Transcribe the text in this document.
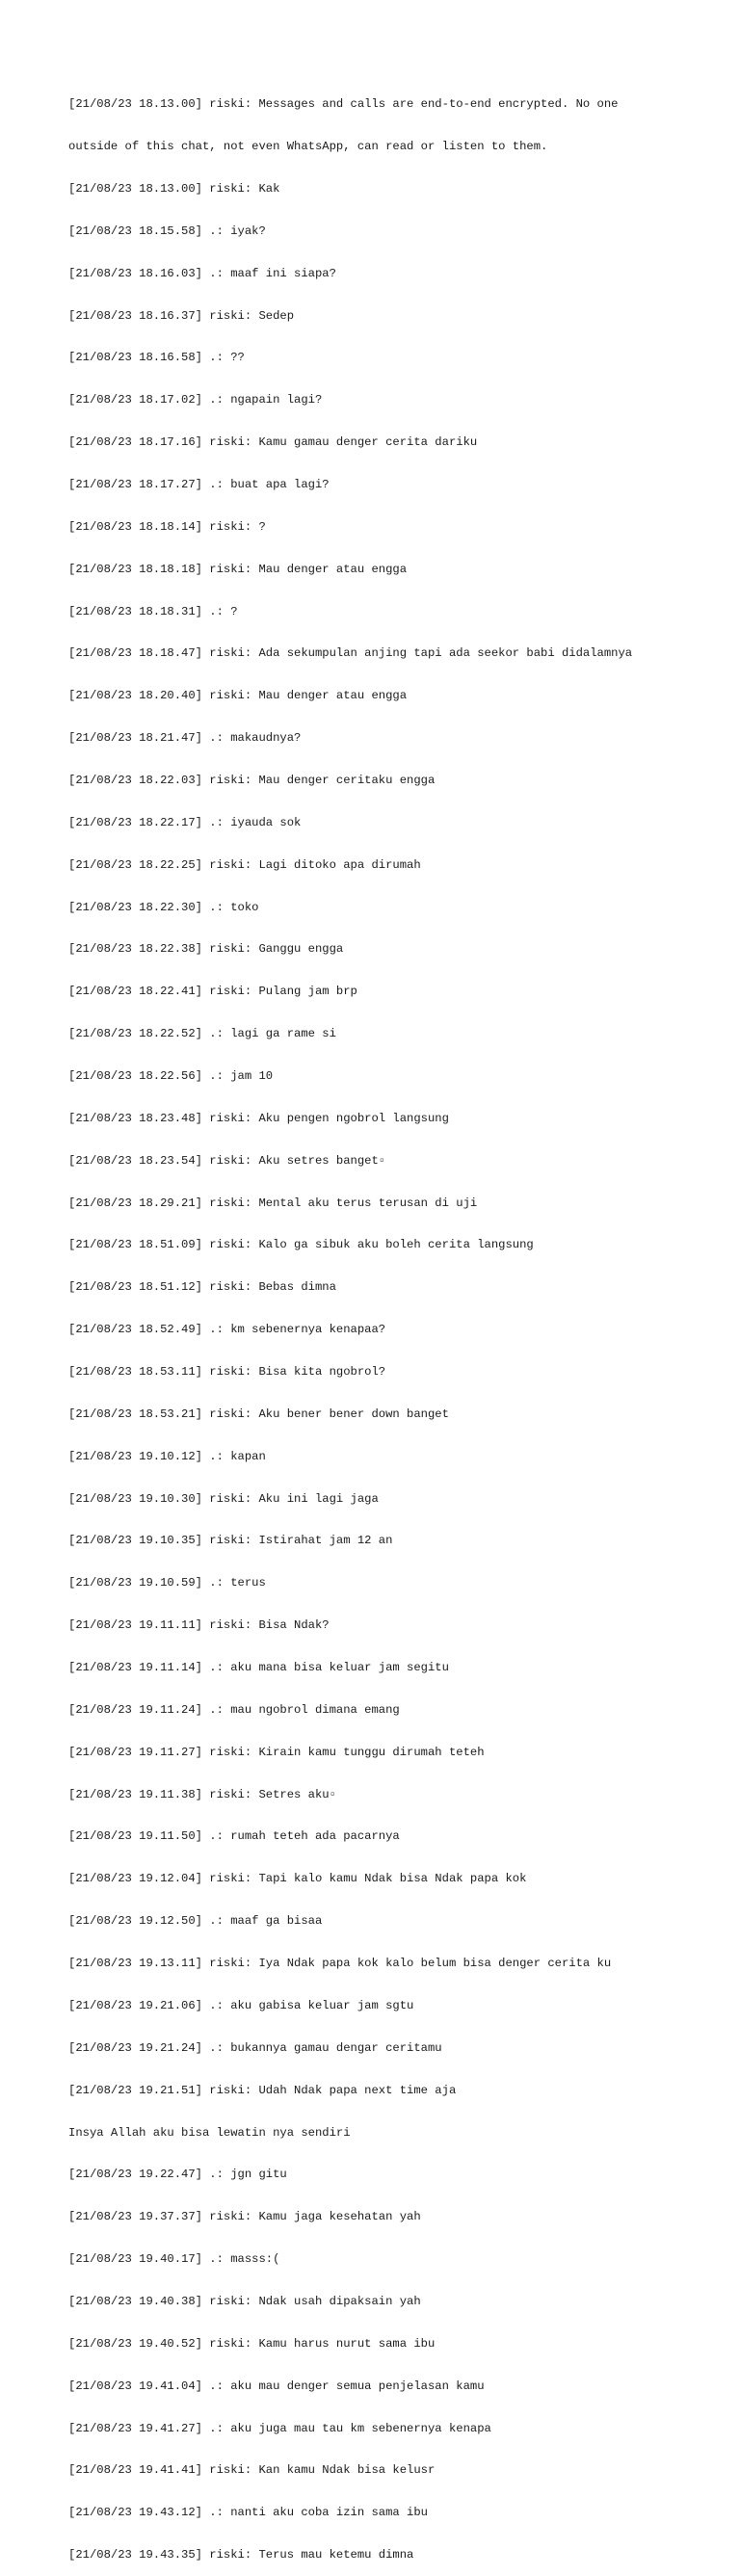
[21/08/23 18.13.00] riski: Messages and calls are end-to-end encrypted. No one

outside of this chat, not even WhatsApp, can read or listen to them.

[21/08/23 18.13.00] riski: Kak

[21/08/23 18.15.58] .: iyak?

[21/08/23 18.16.03] .: maaf ini siapa?

[21/08/23 18.16.37] riski: Sedep

[21/08/23 18.16.58] .: ??

[21/08/23 18.17.02] .: ngapain lagi?

[21/08/23 18.17.16] riski: Kamu gamau denger cerita dariku

[21/08/23 18.17.27] .: buat apa lagi?

[21/08/23 18.18.14] riski: ?

[21/08/23 18.18.18] riski: Mau denger atau engga

[21/08/23 18.18.31] .: ?

[21/08/23 18.18.47] riski: Ada sekumpulan anjing tapi ada seekor babi didalamnya

[21/08/23 18.20.40] riski: Mau denger atau engga

[21/08/23 18.21.47] .: makaudnya?

[21/08/23 18.22.03] riski: Mau denger ceritaku engga

[21/08/23 18.22.17] .: iyauda sok

[21/08/23 18.22.25] riski: Lagi ditoko apa dirumah

[21/08/23 18.22.30] .: toko

[21/08/23 18.22.38] riski: Ganggu engga

[21/08/23 18.22.41] riski: Pulang jam brp

[21/08/23 18.22.52] .: lagi ga rame si

[21/08/23 18.22.56] .: jam 10

[21/08/23 18.23.48] riski: Aku pengen ngobrol langsung

[21/08/23 18.23.54] riski: Aku setres banget▫

[21/08/23 18.29.21] riski: Mental aku terus terusan di uji

[21/08/23 18.51.09] riski: Kalo ga sibuk aku boleh cerita langsung

[21/08/23 18.51.12] riski: Bebas dimna

[21/08/23 18.52.49] .: km sebenernya kenapaa?

[21/08/23 18.53.11] riski: Bisa kita ngobrol?

[21/08/23 18.53.21] riski: Aku bener bener down banget

[21/08/23 19.10.12] .: kapan

[21/08/23 19.10.30] riski: Aku ini lagi jaga

[21/08/23 19.10.35] riski: Istirahat jam 12 an

[21/08/23 19.10.59] .: terus

[21/08/23 19.11.11] riski: Bisa Ndak?

[21/08/23 19.11.14] .: aku mana bisa keluar jam segitu

[21/08/23 19.11.24] .: mau ngobrol dimana emang

[21/08/23 19.11.27] riski: Kirain kamu tunggu dirumah teteh

[21/08/23 19.11.38] riski: Setres aku▫

[21/08/23 19.11.50] .: rumah teteh ada pacarnya

[21/08/23 19.12.04] riski: Tapi kalo kamu Ndak bisa Ndak papa kok

[21/08/23 19.12.50] .: maaf ga bisaa

[21/08/23 19.13.11] riski: Iya Ndak papa kok kalo belum bisa denger cerita ku

[21/08/23 19.21.06] .: aku gabisa keluar jam sgtu

[21/08/23 19.21.24] .: bukannya gamau dengar ceritamu

[21/08/23 19.21.51] riski: Udah Ndak papa next time aja

Insya Allah aku bisa lewatin nya sendiri

[21/08/23 19.22.47] .: jgn gitu

[21/08/23 19.37.37] riski: Kamu jaga kesehatan yah

[21/08/23 19.40.17] .: masss:(

[21/08/23 19.40.38] riski: Ndak usah dipaksain yah

[21/08/23 19.40.52] riski: Kamu harus nurut sama ibu

[21/08/23 19.41.04] .: aku mau denger semua penjelasan kamu

[21/08/23 19.41.27] .: aku juga mau tau km sebenernya kenapa

[21/08/23 19.41.41] riski: Kan kamu Ndak bisa kelusr

[21/08/23 19.43.12] .: nanti aku coba izin sama ibu

[21/08/23 19.43.35] riski: Terus mau ketemu dimna
